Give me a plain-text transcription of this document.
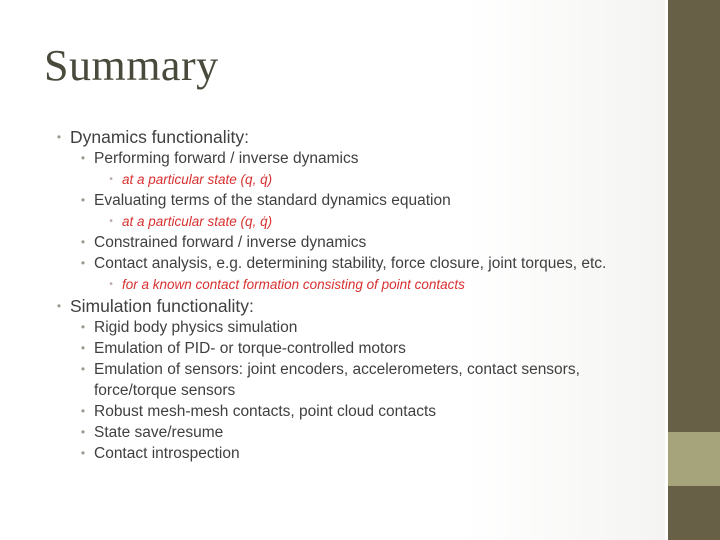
Summary
• Dynamics functionality:
• Performing forward / inverse dynamics
• at a particular state (q, q̇)
• Evaluating terms of the standard dynamics equation
• at a particular state (q, q̇)
• Constrained forward / inverse dynamics
• Contact analysis, e.g. determining stability, force closure, joint torques, etc.
• for a known contact formation consisting of point contacts
• Simulation functionality:
• Rigid body physics simulation
• Emulation of PID- or torque-controlled motors
• Emulation of sensors: joint encoders, accelerometers, contact sensors, force/torque sensors
• Robust mesh-mesh contacts, point cloud contacts
• State save/resume
• Contact introspection
